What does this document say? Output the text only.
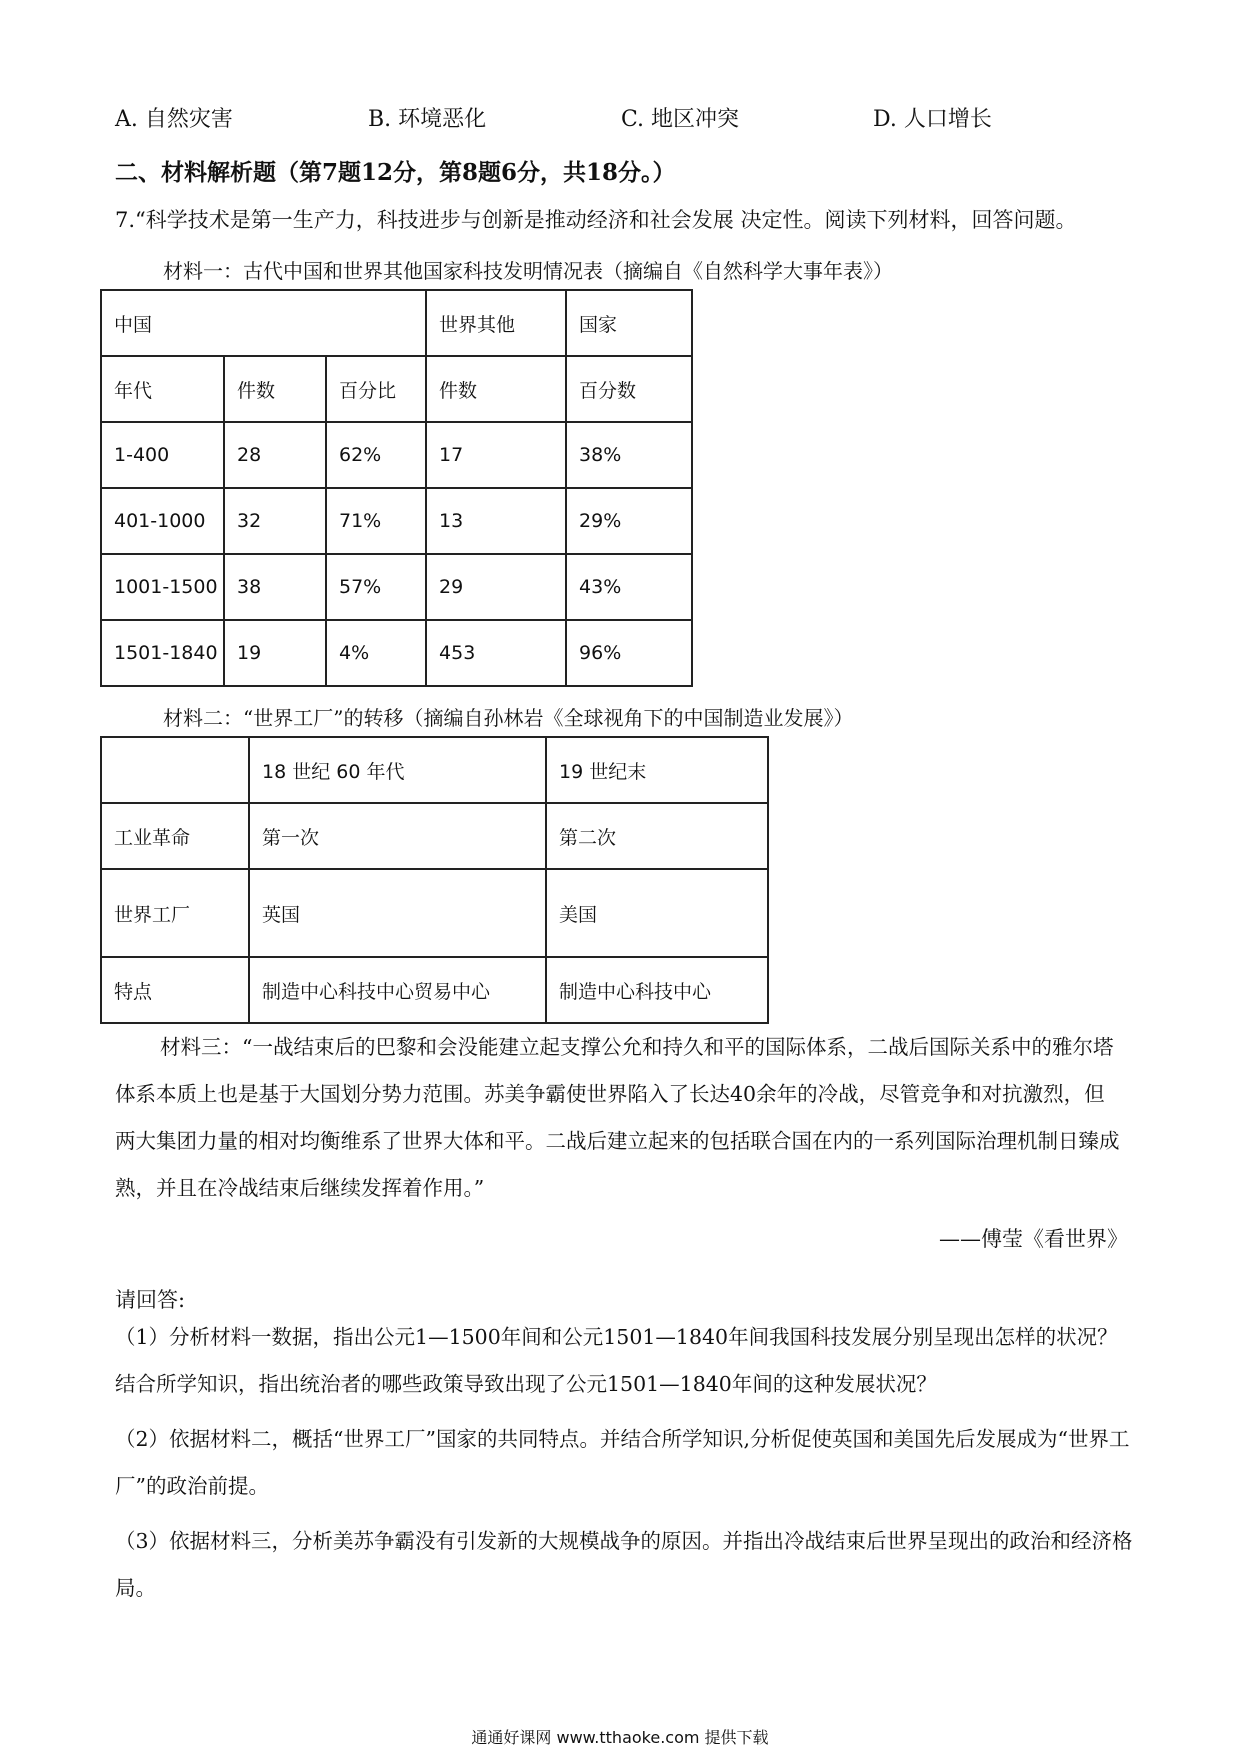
A. 自然灾害	B. 环境恶化	C. 地区冲突	D. 人口增长
二、材料解析题（第7题12分，第8题6分，共18分。）
7.“科学技术是第一生产力，科技进步与创新是推动经济和社会发展 决定性。阅读下列材料，回答问题。
材料一：古代中国和世界其他国家科技发明情况表（摘编自《自然科学大事年表》）
中国			世界其他	国家
年代	件数	百分比	件数	百分数
1-400	28	62%	17	38%
401-1000	32	71%	13	29%
1001-1500	38	57%	29	43%
1501-1840	19	4%	453	96%
材料二：“世界工厂”的转移（摘编自孙林岩《全球视角下的中国制造业发展》）
	18 世纪 60 年代	19 世纪末
工业革命	第一次	第二次
世界工厂	英国	美国
特点	制造中心科技中心贸易中心	制造中心科技中心
材料三：“一战结束后的巴黎和会没能建立起支撑公允和持久和平的国际体系，二战后国际关系中的雅尔塔体系本质上也是基于大国划分势力范围。苏美争霸使世界陷入了长达40余年的冷战，尽管竞争和对抗激烈，但两大集团力量的相对均衡维系了世界大体和平。二战后建立起来的包括联合国在内的一系列国际治理机制日臻成熟，并且在冷战结束后继续发挥着作用。”
——傅莹《看世界》
请回答:
（1）分析材料一数据，指出公元1—1500年间和公元1501—1840年间我国科技发展分别呈现出怎样的状况？结合所学知识，指出统治者的哪些政策导致出现了公元1501—1840年间的这种发展状况？
（2）依据材料二，概括“世界工厂”国家的共同特点。并结合所学知识,分析促使英国和美国先后发展成为“世界工厂”的政治前提。
（3）依据材料三，分析美苏争霸没有引发新的大规模战争的原因。并指出冷战结束后世界呈现出的政治和经济格局。
通通好课网 www.tthaoke.com 提供下载
